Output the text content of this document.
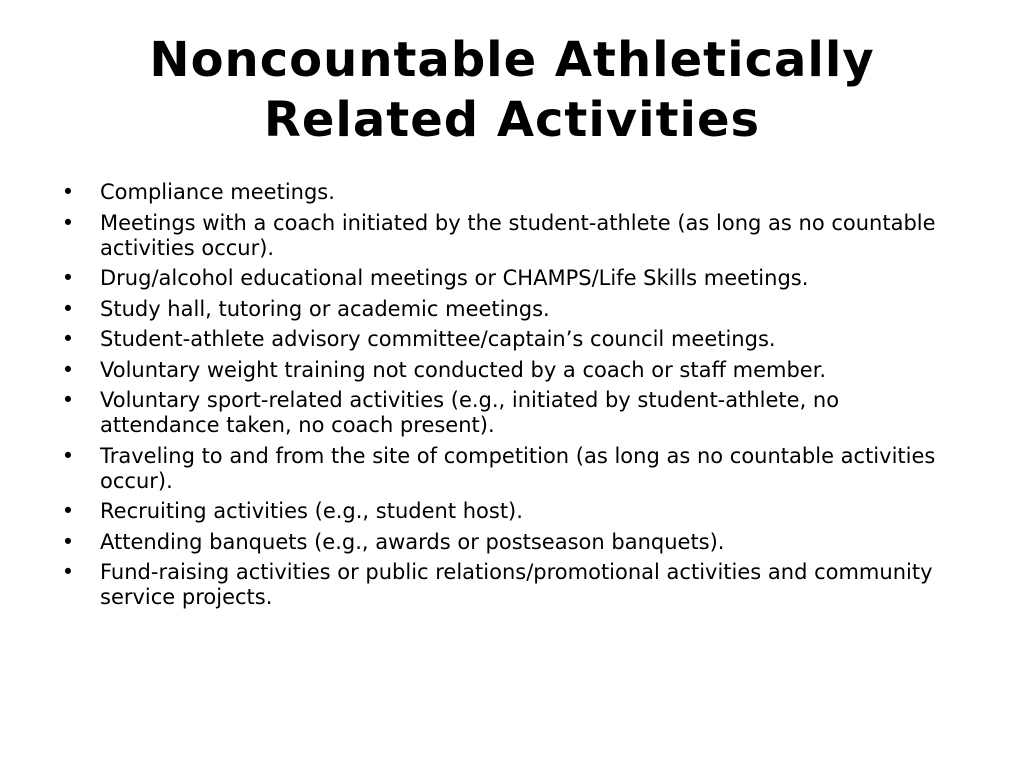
Noncountable Athletically
Related Activities
• Compliance meetings.
• Meetings with a coach initiated by the student-athlete (as long as no countable activities occur).
• Drug/alcohol educational meetings or CHAMPS/Life Skills meetings.
• Study hall, tutoring or academic meetings.
• Student-athlete advisory committee/captain’s council meetings.
• Voluntary weight training not conducted by a coach or staff member.
• Voluntary sport-related activities (e.g., initiated by student-athlete, no attendance taken, no coach present).
• Traveling to and from the site of competition (as long as no countable activities occur).
• Recruiting activities (e.g., student host).
• Attending banquets (e.g., awards or postseason banquets).
• Fund-raising activities or public relations/promotional activities and community service projects.
